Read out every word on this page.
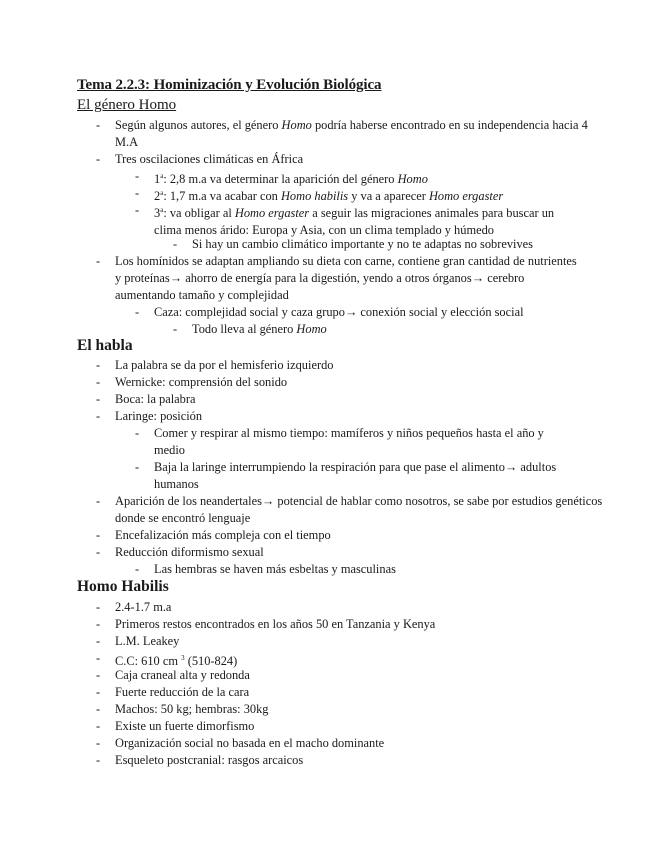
Tema 2.2.3: Hominización y Evolución Biológica
El género Homo
- Según algunos autores, el género Homo podría haberse encontrado en su independencia hacia 4 M.A
- Tres oscilaciones climáticas en África
- 1$^a$: 2,8 m.a va determinar la aparición del género Homo
- 2$^a$: 1,7 m.a va acabar con Homo habilis y va a aparecer Homo ergaster
- 3$^a$: va obligar al Homo ergaster a seguir las migraciones animales para buscar un clima menos árido: Europa y Asia, con un clima templado y húmedo
- Si hay un cambio climático importante y no te adaptas no sobrevives
- Los homínidos se adaptan ampliando su dieta con carne, contiene gran cantidad de nutrientes y proteínas→ ahorro de energía para la digestión, yendo a otros órganos→ cerebro aumentando tamaño y complejidad
- Caza: complejidad social y caza grupo→ conexión social y elección social
- Todo lleva al género Homo
El habla
- La palabra se da por el hemisferio izquierdo
- Wernicke: comprensión del sonido
- Boca: la palabra
- Laringe: posición
- Comer y respirar al mismo tiempo: mamíferos y niños pequeños hasta el año y medio
- Baja la laringe interrumpiendo la respiración para que pase el alimento→ adultos humanos
- Aparición de los neandertales→ potencial de hablar como nosotros, se sabe por estudios genéticos donde se encontró lenguaje
- Encefalización más compleja con el tiempo
- Reducción diformismo sexual
- Las hembras se haven más esbeltas y masculinas
Homo Habilis
- 2.4-1.7 m.a
- Primeros restos encontrados en los años 50 en Tanzania y Kenya
- L.M. Leakey
- C.C: 610 cm $^3$ (510-824)
- Caja craneal alta y redonda
- Fuerte reducción de la cara
- Machos: 50 kg; hembras: 30kg
- Existe un fuerte dimorfismo
- Organización social no basada en el macho dominante
- Esqueleto postcranial: rasgos arcaicos
